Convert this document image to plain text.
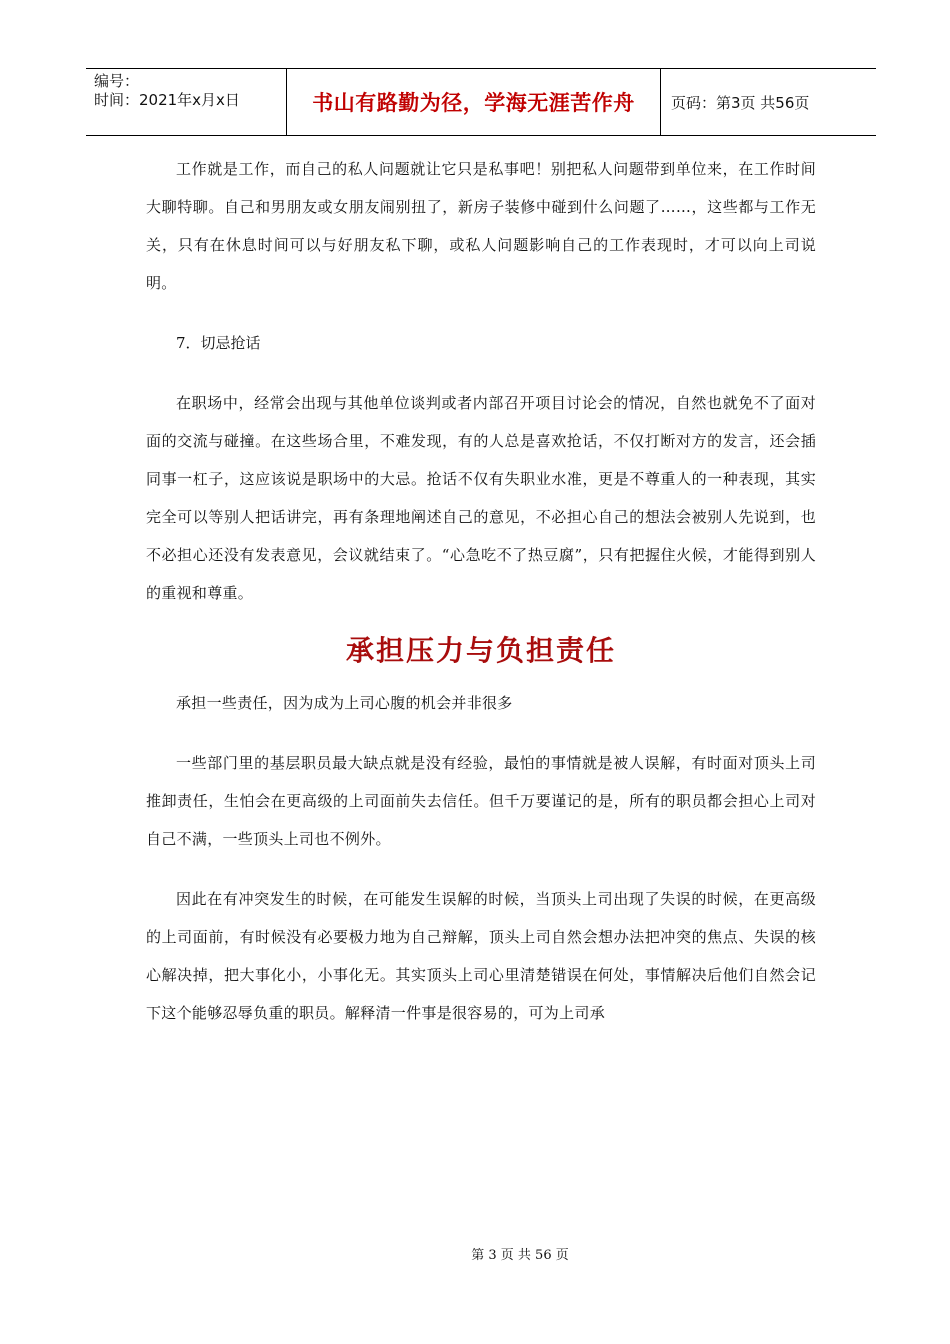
编号：
时间：2021年x月x日	书山有路勤为径，学海无涯苦作舟	页码：第3页 共56页

工作就是工作，而自己的私人问题就让它只是私事吧！别把私人问题带到单位来，在工作时间大聊特聊。自己和男朋友或女朋友闹别扭了，新房子装修中碰到什么问题了……，这些都与工作无关，只有在休息时间可以与好朋友私下聊，或私人问题影响自己的工作表现时，才可以向上司说明。

7．切忌抢话

在职场中，经常会出现与其他单位谈判或者内部召开项目讨论会的情况，自然也就免不了面对面的交流与碰撞。在这些场合里，不难发现，有的人总是喜欢抢话，不仅打断对方的发言，还会插同事一杠子，这应该说是职场中的大忌。抢话不仅有失职业水准，更是不尊重人的一种表现，其实完全可以等别人把话讲完，再有条理地阐述自己的意见，不必担心自己的想法会被别人先说到，也不必担心还没有发表意见，会议就结束了。“心急吃不了热豆腐”，只有把握住火候，才能得到别人的重视和尊重。

承担压力与负担责任

承担一些责任，因为成为上司心腹的机会并非很多

一些部门里的基层职员最大缺点就是没有经验，最怕的事情就是被人误解，有时面对顶头上司推卸责任，生怕会在更高级的上司面前失去信任。但千万要谨记的是，所有的职员都会担心上司对自己不满，一些顶头上司也不例外。

因此在有冲突发生的时候，在可能发生误解的时候，当顶头上司出现了失误的时候，在更高级的上司面前，有时候没有必要极力地为自己辩解，顶头上司自然会想办法把冲突的焦点、失误的核心解决掉，把大事化小，小事化无。其实顶头上司心里清楚错误在何处，事情解决后他们自然会记下这个能够忍辱负重的职员。解释清一件事是很容易的，可为上司承

第 3 页 共 56 页
